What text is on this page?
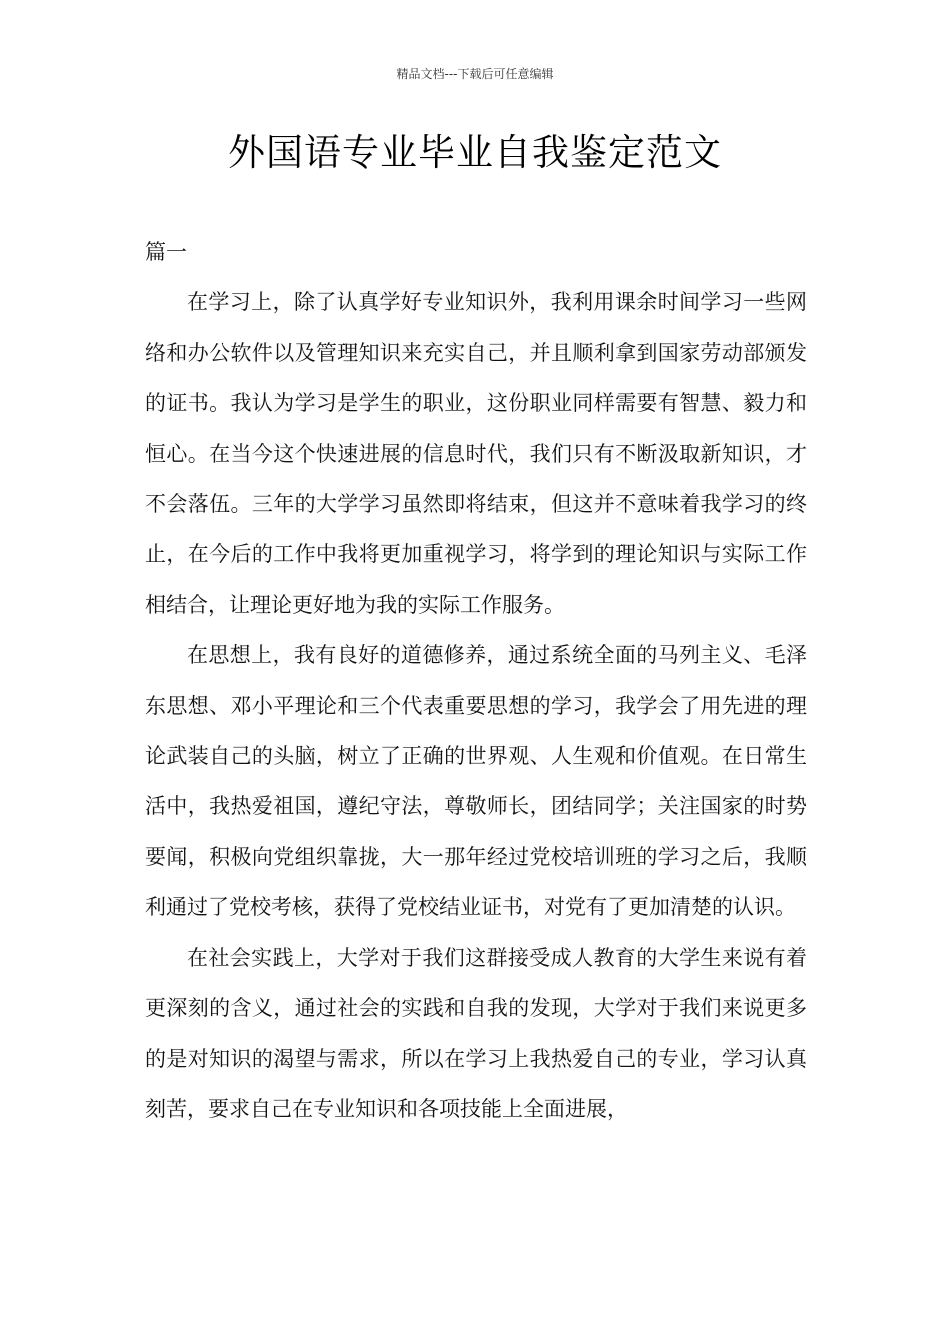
精品文档---下载后可任意编辑
外国语专业毕业自我鉴定范文

篇一

在学习上，除了认真学好专业知识外，我利用课余时间学习一些网络和办公软件以及管理知识来充实自己，并且顺利拿到国家劳动部颁发的证书。我认为学习是学生的职业，这份职业同样需要有智慧、毅力和恒心。在当今这个快速进展的信息时代，我们只有不断汲取新知识，才不会落伍。三年的大学学习虽然即将结束，但这并不意味着我学习的终止，在今后的工作中我将更加重视学习，将学到的理论知识与实际工作相结合，让理论更好地为我的实际工作服务。

在思想上，我有良好的道德修养，通过系统全面的马列主义、毛泽东思想、邓小平理论和三个代表重要思想的学习，我学会了用先进的理论武装自己的头脑，树立了正确的世界观、人生观和价值观。在日常生活中，我热爱祖国，遵纪守法，尊敬师长，团结同学；关注国家的时势要闻，积极向党组织靠拢，大一那年经过党校培训班的学习之后，我顺利通过了党校考核，获得了党校结业证书，对党有了更加清楚的认识。

在社会实践上，大学对于我们这群接受成人教育的大学生来说有着更深刻的含义，通过社会的实践和自我的发现，大学对于我们来说更多的是对知识的渴望与需求，所以在学习上我热爱自己的专业，学习认真刻苦，要求自己在专业知识和各项技能上全面进展，
